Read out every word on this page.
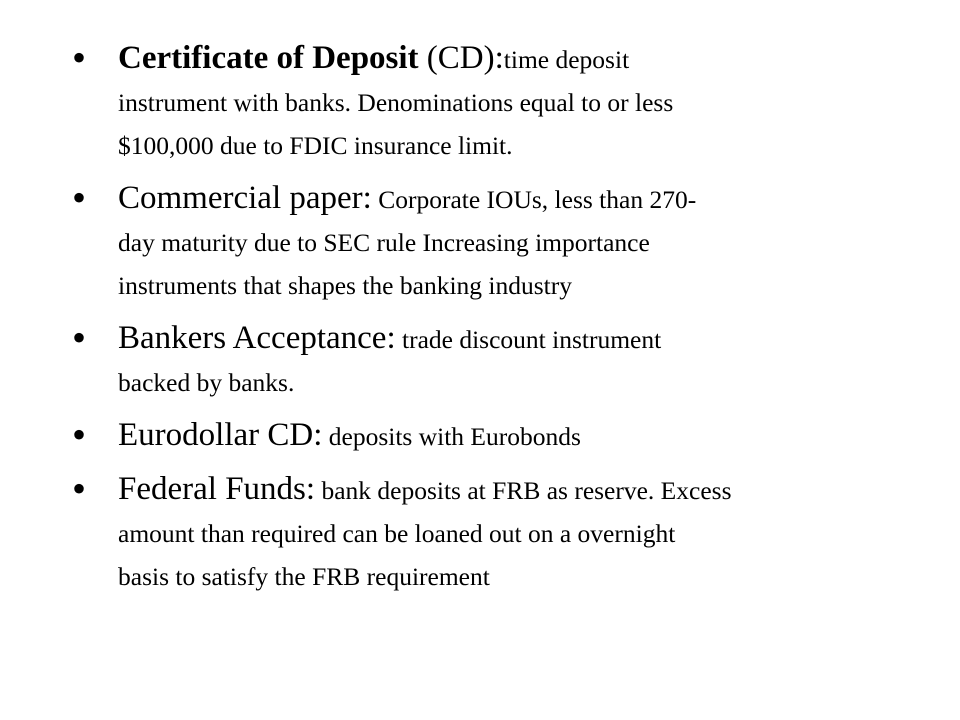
• Certificate of Deposit (CD):time deposit instrument with banks. Denominations equal to or less $100,000 due to FDIC insurance limit.
• Commercial paper: Corporate IOUs, less than 270-day maturity due to SEC rule Increasing importance instruments that shapes the banking industry
• Bankers Acceptance: trade discount instrument backed by banks.
• Eurodollar CD: deposits with Eurobonds
• Federal Funds: bank deposits at FRB as reserve. Excess amount than required can be loaned out on a overnight basis to satisfy the FRB requirement
